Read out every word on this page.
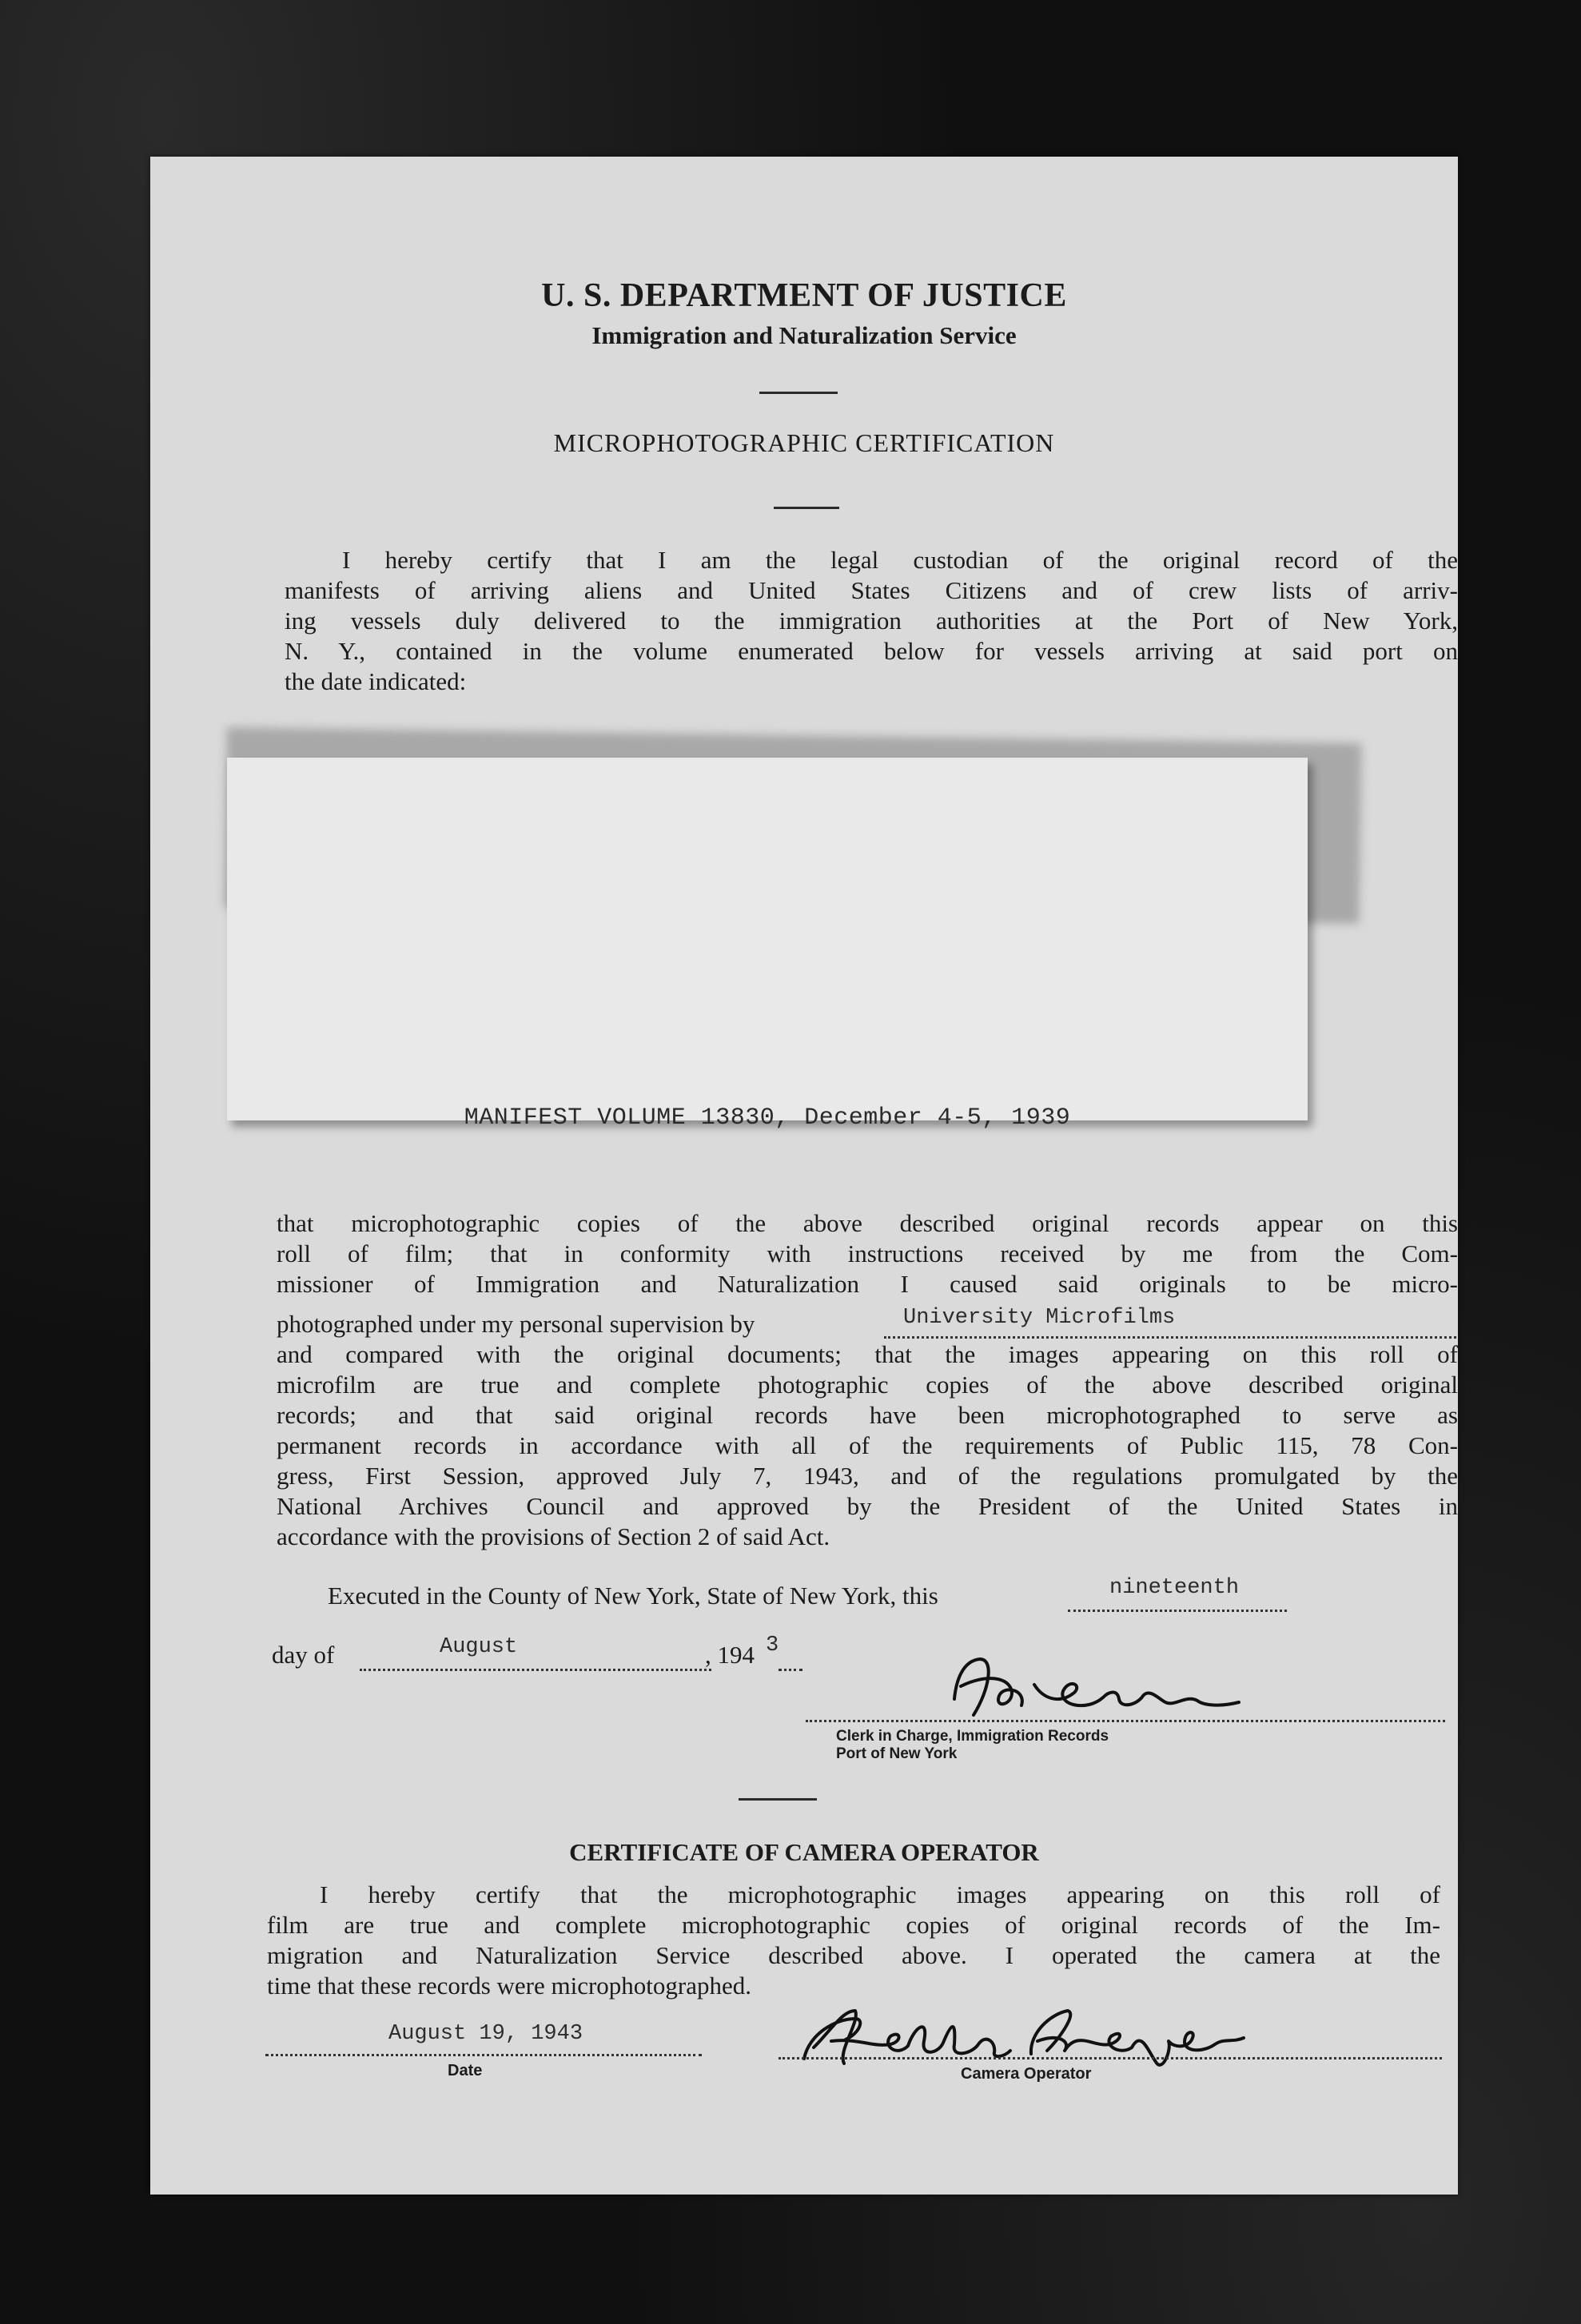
U. S. DEPARTMENT OF JUSTICE
Immigration and Naturalization Service
MICROPHOTOGRAPHIC CERTIFICATION
I hereby certify that I am the legal custodian of the original record of the
manifests of arriving aliens and United States Citizens and of crew lists of arriv-
ing vessels duly delivered to the immigration authorities at the Port of New York,
N. Y., contained in the volume enumerated below for vessels arriving at said port on
the date indicated:
MANIFEST VOLUME 13830, December 4-5, 1939
that microphotographic copies of the above described original records appear on this
roll of film; that in conformity with instructions received by me from the Com-
missioner of Immigration and Naturalization I caused said originals to be micro-
photographed under my personal supervision by	University Microfilms
and compared with the original documents; that the images appearing on this roll of
microfilm are true and complete photographic copies of the above described original
records; and that said original records have been microphotographed to serve as
permanent records in accordance with all of the requirements of Public 115, 78 Con-
gress, First Session, approved July 7, 1943, and of the regulations promulgated by the
National Archives Council and approved by the President of the United States in
accordance with the provisions of Section 2 of said Act.
Executed in the County of New York, State of New York, this	nineteenth
day of	August	, 194 3
Clerk in Charge, Immigration Records
Port of New York
CERTIFICATE OF CAMERA OPERATOR
I hereby certify that the microphotographic images appearing on this roll of
film are true and complete microphotographic copies of original records of the Im-
migration and Naturalization Service described above. I operated the camera at the
time that these records were microphotographed.
August 19, 1943
Date	Camera Operator
